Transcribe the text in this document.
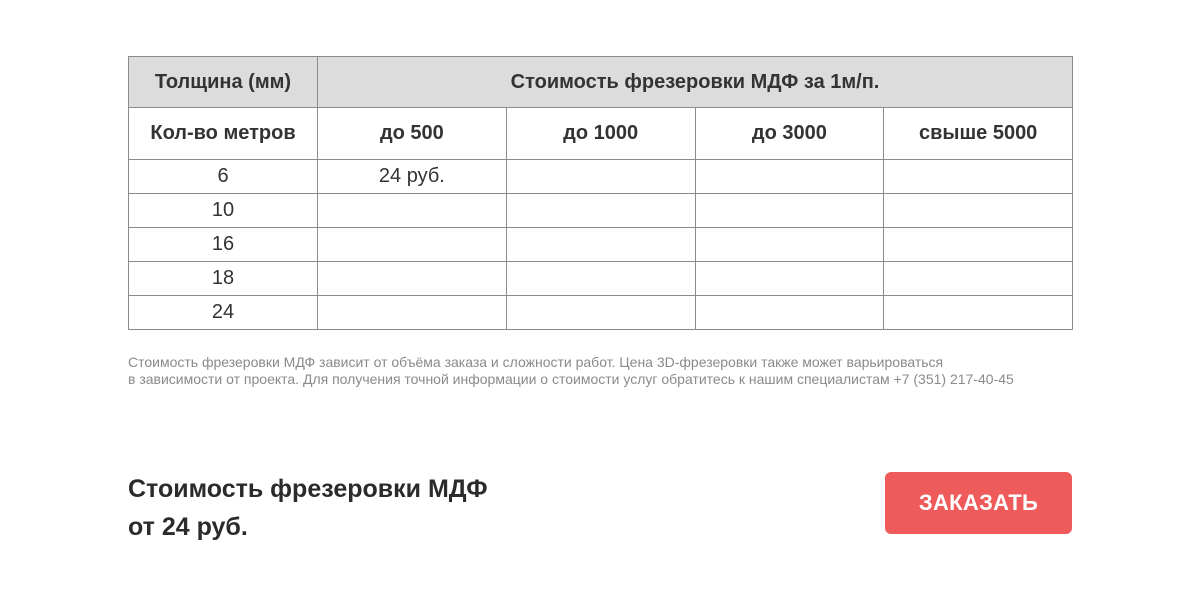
Толщина (мм)	Стоимость фрезеровки МДФ за 1м/п.			
Кол-во метров	до 500	до 1000	до 3000	свыше 5000
6	24 руб.			
10				
16				
18				
24				

Стоимость фрезеровки МДФ зависит от объёма заказа и сложности работ. Цена 3D-фрезеровки также может варьироваться
в зависимости от проекта. Для получения точной информации о стоимости услуг обратитесь к нашим специалистам +7 (351) 217-40-45

Стоимость фрезеровки МДФ
от 24 руб.

ЗАКАЗАТЬ
